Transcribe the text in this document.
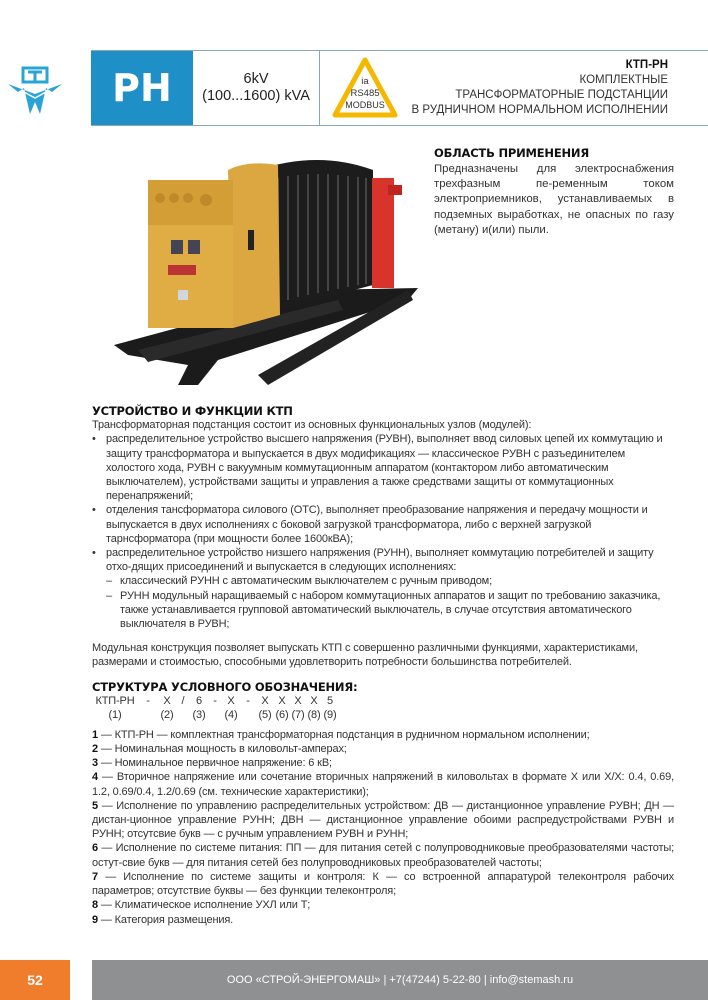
PH	6kV
(100...1600) kVA
ia
RS485
MODBUS
КТП-РН
КОМПЛЕКТНЫЕ
ТРАНСФОРМАТОРНЫЕ ПОДСТАНЦИИ
В РУДНИЧНОМ НОРМАЛЬНОМ ИСПОЛНЕНИИ
ОБЛАСТЬ ПРИМЕНЕНИЯ
Предназначены для электроснабжения трехфазным пе-ременным током электроприемников, устанавливаемых в подземных выработках, не опасных по газу (метану) и(или) пыли.
УСТРОЙСТВО И ФУНКЦИИ КТП

Трансформаторная подстанция состоит из основных функциональных узлов (модулей):

• распределительное устройство высшего напряжения (РУВН), выполняет ввод силовых цепей их коммутацию и защиту трансформатора и выпускается в двух модификациях — классическое РУВН с разъединителем холостого хода, РУВН с вакуумным коммутационным аппаратом (контактором либо автоматическим выключателем), устройствами защиты и управления а также средствами защиты от коммутационных перенапряжений;
• отделения тансформатора силового (ОТС), выполняет преобразование напряжения и передачу мощности и выпускается в двух исполнениях с боковой загрузкой трансформатора, либо с верхней загрузкой тарнсформатора (при мощности более 1600кВА);
• распределительное устройство низшего напряжения (РУНН), выполняет коммутацию потребителей и защиту отхо-дящих присоединений и выпускается в следующих исполнениях:
– классический РУНН с автоматическим выключателем с ручным приводом;
– РУНН модульный наращиваемый с набором коммутационных аппаратов и защит по требованию заказчика, также устанавливается групповой автоматический выключатель, в случае отсутствия автоматического выключателя в РУВН;

Модульная конструкция позволяет выпускать КТП с совершенно различными функциями, характеристиками, размерами и стоимостью, способными удовлетворить потребности большинства потребителей.

СТРУКТУРА УСЛОВНОГО ОБОЗНАЧЕНИЯ:
КТП-РН	-	X /	6	- X	-	X X X X 5
(1)	(2) (3) (4) (5) (6) (7) (8) (9)

1 — КТП-РН — комплектная трансформаторная подстанция в рудничном нормальном исполнении;

2 — Номинальная мощность в киловольт-амперах;

3 — Номинальное первичное напряжение: 6 кВ;

4 — Вторичное напряжение или сочетание вторичных напряжений в киловольтах в формате X или X/X: 0.4, 0.69, 1.2, 0.69/0.4, 1.2/0.69 (см. технические характеристики);

5 — Исполнение по управлению распределительных устройством: ДВ — дистанционное управление РУВН; ДН — дистан-ционное управление РУНН; ДВН — дистанционное управление обоими распредустройствами РУВН и РУНН; отсутсвие букв — с ручным управлением РУВН и РУНН;

6 — Исполнение по системе питания: ПП — для питания сетей с полупроводниковые преобразователями частоты; остут-свие букв — для питания сетей без полупроводниковых преобразователей частоты;

7 — Исполнение по системе защиты и контроля: К — со встроенной аппаратурой телеконтроля рабочих параметров; отсутствие буквы — без функции телеконтроля;

8 — Климатическое исполнение УХЛ или Т;

9 — Категория размещения.

52	ООО «СТРОЙ-ЭНЕРГОМАШ» | +7(47244) 5-22-80 | info@stemash.ru
